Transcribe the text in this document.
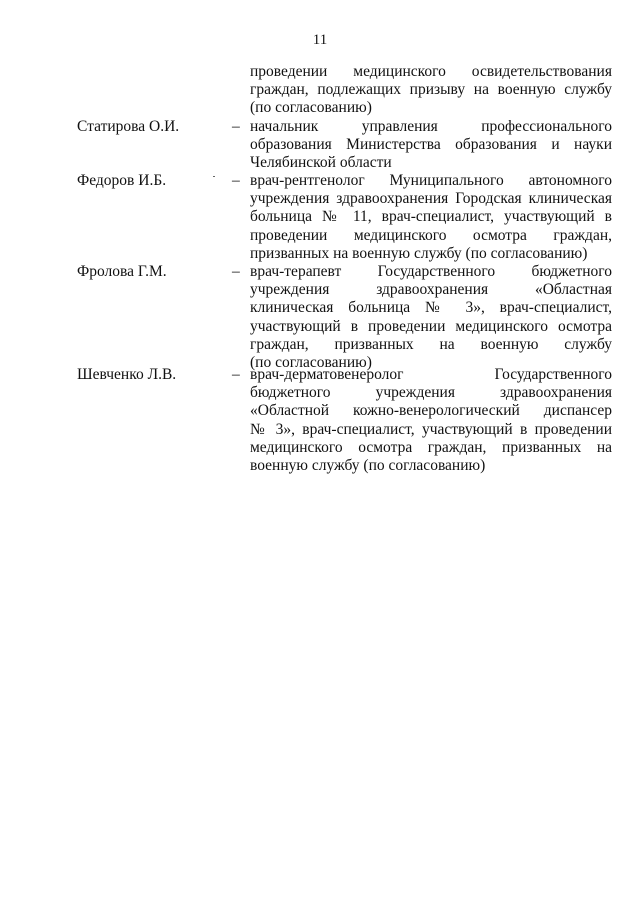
11
проведении медицинского освидетельствования
граждан, подлежащих призыву на военную службу
(по согласованию)
Статирова О.И.	– начальник управления профессионального
образования Министерства образования и науки
Челябинской области
Федоров И.Б.	– врач-рентгенолог Муниципального автономного
учреждения здравоохранения Городская клиническая
больница № 11, врач-специалист, участвующий в
проведении медицинского осмотра граждан,
призванных на военную службу (по согласованию)
Фролова Г.М.	– врач-терапевт Государственного бюджетного
учреждения здравоохранения «Областная
клиническая больница № 3», врач-специалист,
участвующий в проведении медицинского осмотра
граждан, призванных на военную службу
(по согласованию)
Шевченко Л.В.	– врач-дерматовенеролог Государственного
бюджетного учреждения здравоохранения
«Областной кожно-венерологический диспансер
№ 3», врач-специалист, участвующий в проведении
медицинского осмотра граждан, призванных на
военную службу (по согласованию)
